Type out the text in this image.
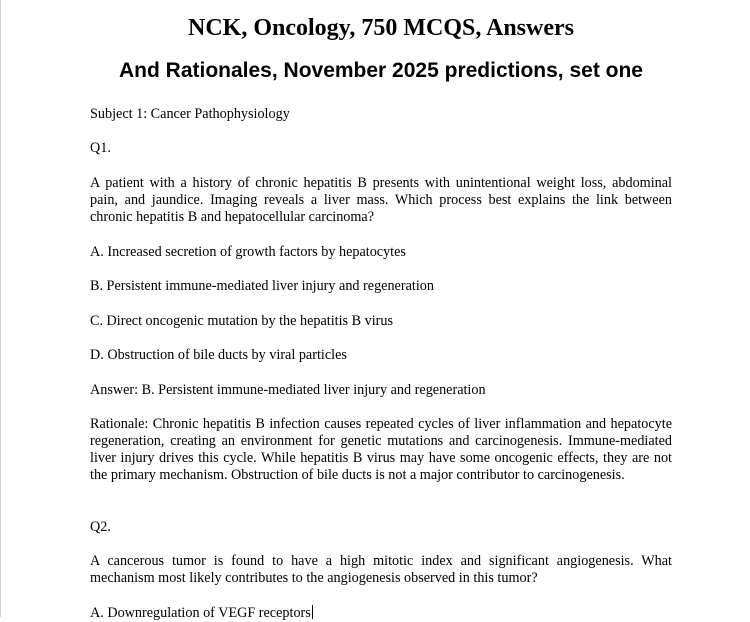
NCK, Oncology, 750 MCQS, Answers
And Rationales, November 2025 predictions, set one

Subject 1: Cancer Pathophysiology

Q1.

A patient with a history of chronic hepatitis B presents with unintentional weight loss, abdominal pain, and jaundice. Imaging reveals a liver mass. Which process best explains the link between chronic hepatitis B and hepatocellular carcinoma?

A. Increased secretion of growth factors by hepatocytes

B. Persistent immune-mediated liver injury and regeneration

C. Direct oncogenic mutation by the hepatitis B virus

D. Obstruction of bile ducts by viral particles

Answer: B. Persistent immune-mediated liver injury and regeneration

Rationale: Chronic hepatitis B infection causes repeated cycles of liver inflammation and hepatocyte regeneration, creating an environment for genetic mutations and carcinogenesis. Immune-mediated liver injury drives this cycle. While hepatitis B virus may have some oncogenic effects, they are not the primary mechanism. Obstruction of bile ducts is not a major contributor to carcinogenesis.

Q2.

A cancerous tumor is found to have a high mitotic index and significant angiogenesis. What mechanism most likely contributes to the angiogenesis observed in this tumor?

A. Downregulation of VEGF receptors
